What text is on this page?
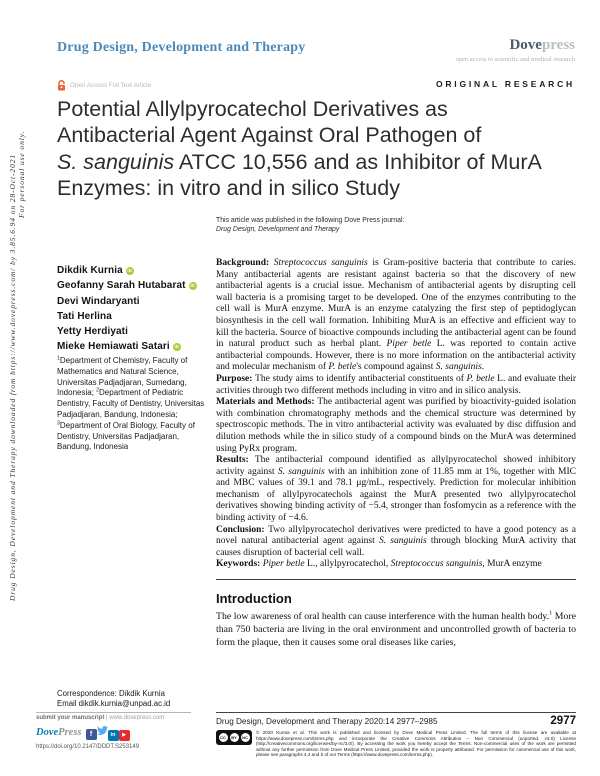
Drug Design, Development and Therapy downloaded from https://www.dovepress.com/ by 3.85.6.94 on 28-Oct-2021 For personal use only.
Drug Design, Development and Therapy	Dovepress
open access to scientific and medical research
Open Access Full Text Article	ORIGINAL RESEARCH
Potential Allylpyrocatechol Derivatives as
Antibacterial Agent Against Oral Pathogen of
S. sanguinis ATCC 10,556 and as Inhibitor of MurA
Enzymes: in vitro and in silico Study
This article was published in the following Dove Press journal:
Drug Design, Development and Therapy
Dikdik Kurnia iD
Geofanny Sarah Hutabarat iD
Devi Windaryanti
Tati Herlina
Yetty Herdiyati
Mieke Hemiawati Satari iD
$^1$Department of Chemistry, Faculty of Mathematics and Natural Science, Universitas Padjadjaran, Sumedang, Indonesia; $^2$Department of Pediatric Dentistry, Faculty of Dentistry, Universitas Padjadjaran, Bandung, Indonesia; $^3$Department of Oral Biology, Faculty of Dentistry, Universitas Padjadjaran, Bandung, Indonesia

Background: Streptococcus sanguinis is Gram-positive bacteria that contribute to caries. Many antibacterial agents are resistant against bacteria so that the discovery of new antibacterial agents is a crucial issue. Mechanism of antibacterial agents by disrupting cell wall bacteria is a promising target to be developed. One of the enzymes contributing to the cell wall is MurA enzyme. MurA is an enzyme catalyzing the first step of peptidoglycan biosynthesis in the cell wall formation. Inhibiting MurA is an effective and efficient way to kill the bacteria. Source of bioactive compounds including the antibacterial agent can be found in natural product such as herbal plant. Piper betle L. was reported to contain active antibacterial compounds. However, there is no more information on the antibacterial activity and molecular mechanism of P. betle's compound against S. sanguinis.

Purpose: The study aims to identify antibacterial constituents of P. betle L. and evaluate their activities through two different methods including in vitro and in silico analysis.

Materials and Methods: The antibacterial agent was purified by bioactivity-guided isolation with combination chromatography methods and the chemical structure was determined by spectroscopic methods. The in vitro antibacterial activity was evaluated by disc diffusion and dilution methods while the in silico study of a compound binds on the MurA was determined using PyRx program.

Results: The antibacterial compound identified as allylpyrocatechol showed inhibitory activity against S. sanguinis with an inhibition zone of 11.85 mm at 1%, together with MIC and MBC values of 39.1 and 78.1 μg/mL, respectively. Prediction for molecular inhibition mechanism of allylpyrocatechols against the MurA presented two allylpyrocatechol derivatives showing binding activity of −5.4, stronger than fosfomycin as a reference with the binding activity of −4.6.

Conclusion: Two allylpyrocatechol derivatives were predicted to have a good potency as a novel natural antibacterial agent against S. sanguinis through blocking MurA activity that causes disruption of bacterial cell wall.

Keywords: Piper betle L., allylpyrocatechol, Streptococcus sanguinis, MurA enzyme

Introduction

The low awareness of oral health can cause interference with the human health body.$^1$ More than 750 bacteria are living in the oral environment and uncontrolled growth of bacteria to form the plaque, then it causes some oral diseases like caries,

Correspondence: Dikdik Kurnia
Email dikdik.kurnia@unpad.ac.id
submit your manuscript | www.dovepress.com
DovePress	f	in ▶
https://doi.org/10.2147/DDDT.S253149
Drug Design, Development and Therapy 2020:14 2977–2985	2977
CC	BY	NC
© 2020 Kurnia et al. This work is published and licensed by Dove Medical Press Limited. The full terms of this license are available at https://www.dovepress.com/terms.php and incorporate the Creative Commons Attribution – Non Commercial (unported, v3.0) License (http://creativecommons.org/licenses/by-nc/3.0/). By accessing the work you hereby accept the Terms. Non-commercial uses of the work are permitted without any further permission from Dove Medical Press Limited, provided the work is properly attributed. For permission for commercial use of this work, please see paragraphs 4.2 and 5 of our Terms (https://www.dovepress.com/terms.php).
